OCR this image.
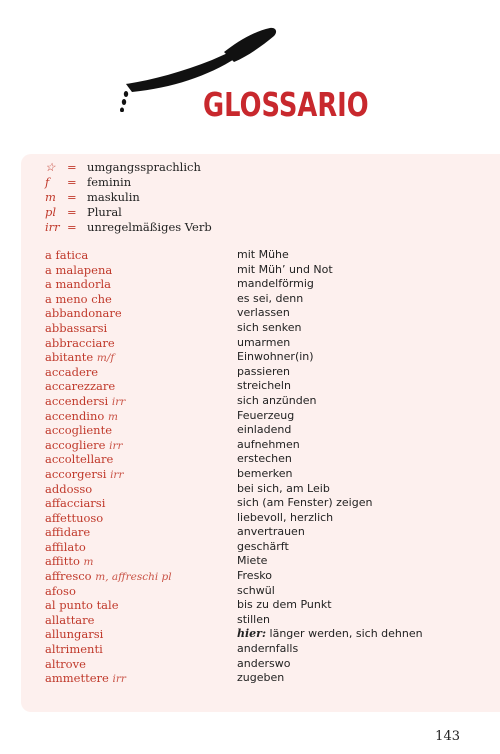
GLOSSARIO
☆	= umgangssprachlich
f	= feminin
m = maskulin
pl = Plural
irr = unregelmäßiges Verb
a fatica	mit Mühe
a malapena	mit Müh’ und Not
a mandorla	mandelförmig
a meno che	es sei, denn
abbandonare	verlassen
abbassarsi	sich senken
abbracciare	umarmen
abitante m/f	Einwohner(in)
accadere	passieren
accarezzare	streicheln
accendersi irr	sich anzünden
accendino m	Feuerzeug
accogliente	einladend
accogliere irr	aufnehmen
accoltellare	erstechen
accorgersi irr	bemerken
addosso	bei sich, am Leib
affacciarsi	sich (am Fenster) zeigen
affettuoso	liebevoll, herzlich
affidare	anvertrauen
affilato	geschärft
affitto m	Miete
affresco m, affreschi pl	Fresko
afoso	schwül
al punto tale	bis zu dem Punkt
allattare	stillen
allungarsi	hier: länger werden, sich dehnen
altrimenti	andernfalls
altrove	anderswo
ammettere irr	zugeben
143
